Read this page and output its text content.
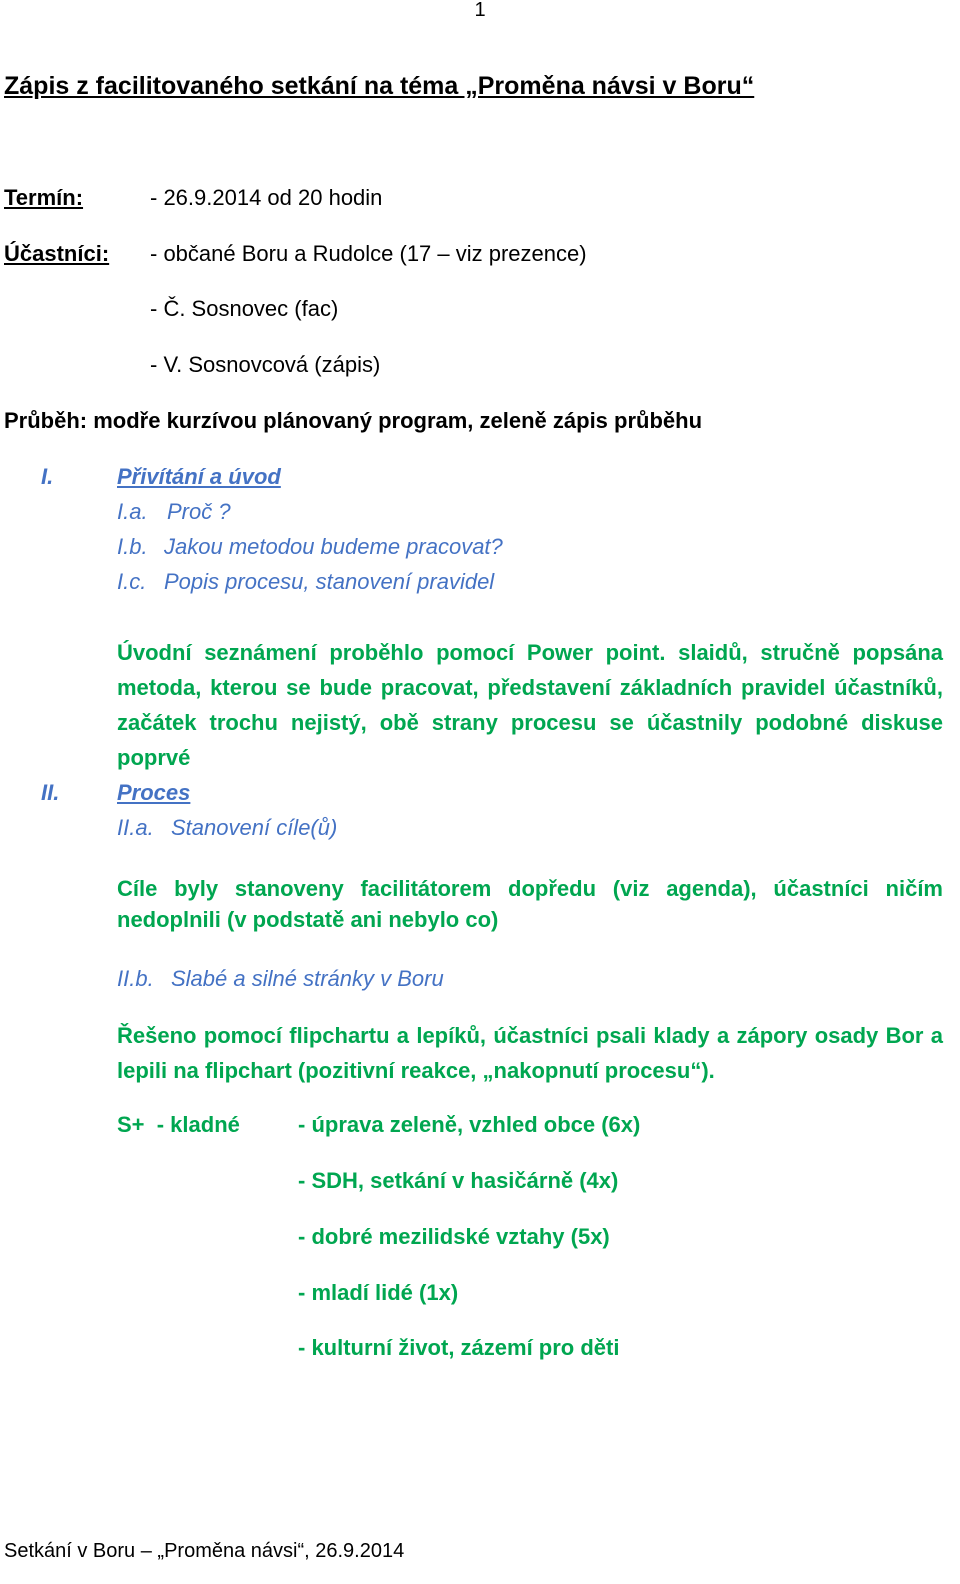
1
Zápis z facilitovaného setkání na téma „Proměna návsi v Boru“
Termín:	- 26.9.2014 od 20 hodin
Účastníci: - občané Boru a Rudolce (17 – viz prezence)
- Č. Sosnovec (fac)
- V. Sosnovcová (zápis)
Průběh: modře kurzívou plánovaný program, zeleně zápis průběhu
I.	Přivítání a úvod
I.a. Proč ?
I.b. Jakou metodou budeme pracovat?
I.c. Popis procesu, stanovení pravidel
Úvodní seznámení proběhlo pomocí Power point. slaidů, stručně popsána metoda, kterou se bude pracovat, představení základních pravidel účastníků, začátek trochu nejistý, obě strany procesu se účastnily podobné diskuse poprvé
II.	Proces
II.a. Stanovení cíle(ů)
Cíle byly stanoveny facilitátorem dopředu (viz agenda), účastníci ničím nedoplnili (v podstatě ani nebylo co)
II.b. Slabé a silné stránky v Boru
Řešeno pomocí flipchartu a lepíků, účastníci psali klady a zápory osady Bor a lepili na flipchart (pozitivní reakce, „nakopnutí procesu“).
S+  - kladné	- úprava zeleně, vzhled obce (6x)
- SDH, setkání v hasičárně (4x)
- dobré mezilidské vztahy (5x)
- mladí lidé (1x)
- kulturní život, zázemí pro děti
Setkání v Boru – „Proměna návsi“, 26.9.2014
